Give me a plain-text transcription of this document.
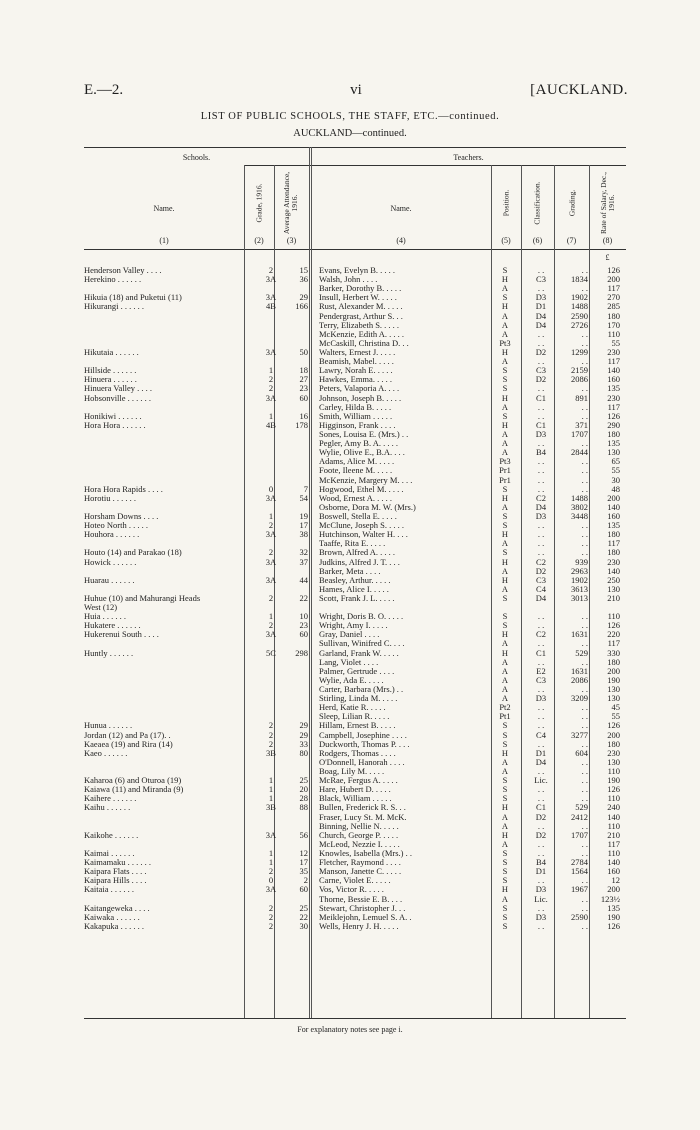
E.—2.	vi	[AUCKLAND.
LIST OF PUBLIC SCHOOLS, THE STAFF, ETC.—continued.
AUCKLAND—continued.
Schools.	Teachers.
Name.	Grade, 1916. Average Attendance, 1916.	Name.	Position.	Classification.	Grading.	Rate of Salary, Dec., 1916.
(1)	(2)	(3)	(4)	(5)	(6)	(7)	(8)
£
Henderson Valley . . . .	2	15 Evans, Evelyn B. . . . .	S	. .	. .	126
Herekino . . . . . .	3A	36 Walsh, John . . . .	H	C3	1834	200
Barker, Dorothy B. . . . .	A	. .	. .	117
Hikuia (18) and Puketui (11)	3A	29 Insull, Herbert W. . . . .	S	D3	1902	270
Hikurangi . . . . . .	4B	166 Rust, Alexander M. . . . .	H	D1	1488	285
Pendergrast, Arthur S. . .	A	D4	2590	180
Terry, Elizabeth S. . . . .	A	D4	2726	170
McKenzie, Edith A. . . . .	A	. .	. .	110
McCaskill, Christina D. . .	Pt3	. .	. .	55
Hikutaia . . . . . .	3A	50 Walters, Ernest J. . . . .	H	D2	1299	230
Beamish, Mabel. . . . .	A	. .	. .	117
Hillside . . . . . .	1	18 Lawry, Norah E. . . . .	S	C3	2159	140
Hinuera . . . . . .	2	27 Hawkes, Emma. . . . .	S	D2	2086	160
Hinuera Valley . . . .	2	23 Peters, Valaporia A. . . .	S	. .	. .	135
Hobsonville . . . . . .	3A	60 Johnson, Joseph B. . . . .	H	C1	891	230
Carley, Hilda B. . . . .	A	. .	. .	117
Honikiwi . . . . . .	1	16 Smith, William . . . . .	S	. .	. .	126
Hora Hora . . . . . .	4B	178 Higginson, Frank . . . .	H	C1	371	290
Sones, Louisa E. (Mrs.) . .	A	D3	1707	180
Pegler, Amy B. A. . . . .	A	. .	. .	135
Wylie, Olive E., B.A. . . .	A	B4	2844	130
Adams, Alice M. . . . .	Pt3	. .	. .	65
Foote, Ileene M. . . . .	Pr1	. .	. .	55
McKenzie, Margery M. . . .	Pr1	. .	. .	30
Hora Hora Rapids . . . .	0	7 Hogwood, Ethel M. . . . .	S	. .	. .	48
Horotiu . . . . . .	3A	54 Wood, Ernest A. . . . .	H	C2	1488	200
Osborne, Dora M. W. (Mrs.)	A	D4	3802	140
Horsham Downs . . . .	1	19 Boswell, Stella E. . . . .	S	D3	3448	160
Hoteo North . . . . .	2	17 McClune, Joseph S. . . . .	S	. .	. .	135
Houhora . . . . . .	3A	38 Hutchinson, Walter H. . . .	H	. .	. .	180
Taaffe, Rita E. . . . .	A	. .	. .	117
Houto (14) and Parakao (18)	2	32 Brown, Alfred A. . . . .	S	. .	. .	180
Howick . . . . . .	3A	37 Judkins, Alfred J. T. . . .	H	C2	939	230
Barker, Meta . . . .	A	D2	2963	140
Huarau . . . . . .	3A	44 Beasley, Arthur. . . . .	H	C3	1902	250
Hames, Alice I. . . . .	A	C4	3613	130
Huhue (10) and Mahurangi Heads	2	22 Scott, Frank J. L. . . . .	S	D4	3013	210
West (12)
Huia . . . . . .	1	10 Wright, Doris B. O. . . . .	S	. .	. .	110
Hukatere . . . . . .	2	23 Wright, Amy I. . . . .	S	. .	. .	126
Hukerenui South . . . .	3A	60 Gray, Daniel . . . .	H	C2	1631	220
Sullivan, Winifred C. . . .	A	. .	. .	117
Huntly . . . . . .	5C	298 Garland, Frank W. . . . .	H	C1	529	330
Lang, Violet . . . .	A	. .	. .	180
Palmer, Gertrude . . . .	A	E2	1631	200
Wylie, Ada E. . . . .	A	C3	2086	190
Carter, Barbara (Mrs.) . .	A	. .	. .	130
Stirling, Linda M. . . . .	A	D3	3209	130
Herd, Katie R. . . . .	Pt2	. .	. .	45
Sleep, Lilian R. . . . .	Pt1	. .	. .	55
Hunua . . . . . .	2	29 Hillam, Ernest B. . . . .	S	. .	. .	126
Jordan (12) and Pa (17). .	2	29 Campbell, Josephine . . . .	S	C4	3277	200
Kaeaea (19) and Rira (14)	2	33 Duckworth, Thomas P. . . .	S	. .	. .	180
Kaeo . . . . . .	3B	80 Rodgers, Thomas . . . .	H	D1	604	230
O'Donnell, Hanorah . . . .	A	D4	. .	130
Boag, Lily M. . . . .	A	. .	. .	110
Kaharoa (6) and Oturoa (19)	1	25 McRae, Fergus A. . . . .	S	Lic.	. .	190
Kaiawa (11) and Miranda (9)	1	20 Hare, Hubert D. . . . .	S	. .	. .	126
Kaihere . . . . . .	1	28 Black, William . . . . .	S	. .	. .	110
Kaihu . . . . . .	3B	88 Bullen, Frederick R. S. . .	H	C1	529	240
Fraser, Lucy St. M. McK.	A	D2	2412	140
Binning, Nellie N. . . . .	A	. .	. .	110
Kaikohe . . . . . .	3A	56 Church, George P. . . . .	H	D2	1707	210
McLeod, Nezzie I. . . . .	A	. .	. .	117
Kaimai . . . . . .	1	12 Knowles, Isabella (Mrs.) . .	S	. .	. .	110
Kaimamaku . . . . . .	1	17 Fletcher, Raymond . . . .	S	B4	2784	140
Kaipara Flats . . . .	2	35 Manson, Janette C. . . . .	S	D1	1564	160
Kaipara Hills . . . .	0	2 Carne, Violet E. . . . .	S	. .	. .	12
Kaitaia . . . . . .	3A	60 Vos, Victor R. . . . .	H	D3	1967	200
Thorne, Bessie E. B. . . .	A	Lic.	. .	123½
Kaitangeweka . . . .	2	25 Stewart, Christopher J. . .	S	. .	. .	135
Kaiwaka . . . . . .	2	22 Meiklejohn, Lemuel S. A. .	S	D3	2590	190
Kakapuka . . . . . .	2	30 Wells, Henry J. H. . . . .	S	. .	. .	126
For explanatory notes see page i.
